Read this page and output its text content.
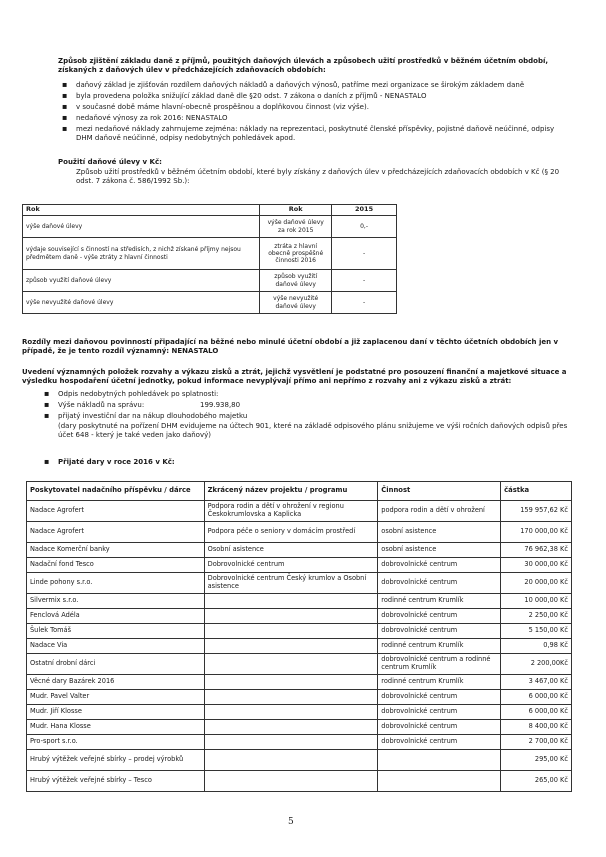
Způsob zjištění základu daně z příjmů, použitých daňových úlevách a způsobech užití prostředků v běžném účetním období, získaných z daňových úlev v předcházejících zdaňovacích obdobích:

▪ daňový základ je zjišťován rozdílem daňových nákladů a daňových výnosů, patříme mezi organizace se širokým základem daně
▪ byla provedena položka snižující základ daně dle §20 odst. 7 zákona o daních z příjmů - NENASTALO
▪ v současné době máme hlavní-obecně prospěšnou a doplňkovou činnost (viz výše).
▪ nedaňové výnosy za rok 2016: NENASTALO
▪ mezi nedaňové náklady zahrnujeme zejména: náklady na reprezentaci, poskytnuté členské příspěvky, pojistné daňově neúčinné, odpisy DHM daňově neúčinné, odpisy nedobytných pohledávek apod.

Použití daňové úlevy v Kč:

Způsob užití prostředků v běžném účetním období, které byly získány z daňových úlev v předcházejících zdaňovacích obdobích v Kč (§ 20 odst. 7 zákona č. 586/1992 Sb.):

Rok	Rok	2015
výše daňové úlevy	výše daňové úlevy za rok 2015	0,-
výdaje související s činností na středisích, z nichž získané příjmy nejsou předmětem daně - výše ztráty z hlavní činnosti	ztráta z hlavní obecně prospěšné činnosti 2016	-
způsob využití daňové úlevy	způsob využití daňové úlevy	-
výše nevyužité daňové úlevy	výše nevyužité daňové úlevy	-

Rozdíly mezi daňovou povinností připadající na běžné nebo minulé účetní období a již zaplacenou daní v těchto účetních obdobích jen v případě, že je tento rozdíl významný: NENASTALO

Uvedení významných položek rozvahy a výkazu zisků a ztrát, jejichž vysvětlení je podstatné pro posouzení finanční a majetkové situace a výsledku hospodaření účetní jednotky, pokud informace nevyplývají přímo ani nepřímo z rozvahy ani z výkazu zisků a ztrát:

▪ Odpis nedobytných pohledávek po splatnosti:
▪ Výše nákladů na správu:	199.938,80
▪ přijatý investiční dar na nákup dlouhodobého majetku

(dary poskytnuté na pořízení DHM evidujeme na účtech 901, které na základě odpisového plánu snižujeme ve výši ročních daňových odpisů přes účet 648 - který je také veden jako daňový)

▪ Přijaté dary v roce 2016 v Kč:
Poskytovatel nadačního příspěvku / dárce	Zkrácený název projektu / programu	Činnost	částka
Nadace Agrofert	Podpora rodin a dětí v ohrožení v regionu Českokrumlovska a Kaplicka	podpora rodin a dětí v ohrožení	159 957,62 Kč
Nadace Agrofert	Podpora péče o seniory v domácím prostředí	osobní asistence	170 000,00 Kč
Nadace Komerční banky	Osobní asistence	osobní asistence	76 962,38 Kč
Nadační fond Tesco	Dobrovolnické centrum	dobrovolnické centrum	30 000,00 Kč
Linde pohony s.r.o.	Dobrovolnické centrum Český krumlov a Osobní asistence	dobrovolnické centrum	20 000,00 Kč
Silvermix s.r.o.		rodinné centrum Krumlík	10 000,00 Kč
Fenclová Adéla		dobrovolnické centrum	2 250,00 Kč
Šulek Tomáš		dobrovolnické centrum	5 150,00 Kč
Nadace Via		rodinné centrum Krumlík	0,98 Kč
Ostatní drobní dárci		dobrovolnické centrum a rodinné centrum Krumlík	2 200,00Kč
Věcné dary Bazárek 2016		rodinné centrum Krumlík	3 467,00 Kč
Mudr. Pavel Valter		dobrovolnické centrum	6 000,00 Kč
Mudr. Jiří Klosse		dobrovolnické centrum	6 000,00 Kč
Mudr. Hana Klosse		dobrovolnické centrum	8 400,00 Kč
Pro-sport s.r.o.		dobrovolnické centrum	2 700,00 Kč
Hrubý výtěžek veřejné sbírky – prodej výrobků			295,00 Kč
Hrubý výtěžek veřejné sbírky – Tesco			265,00 Kč
5
